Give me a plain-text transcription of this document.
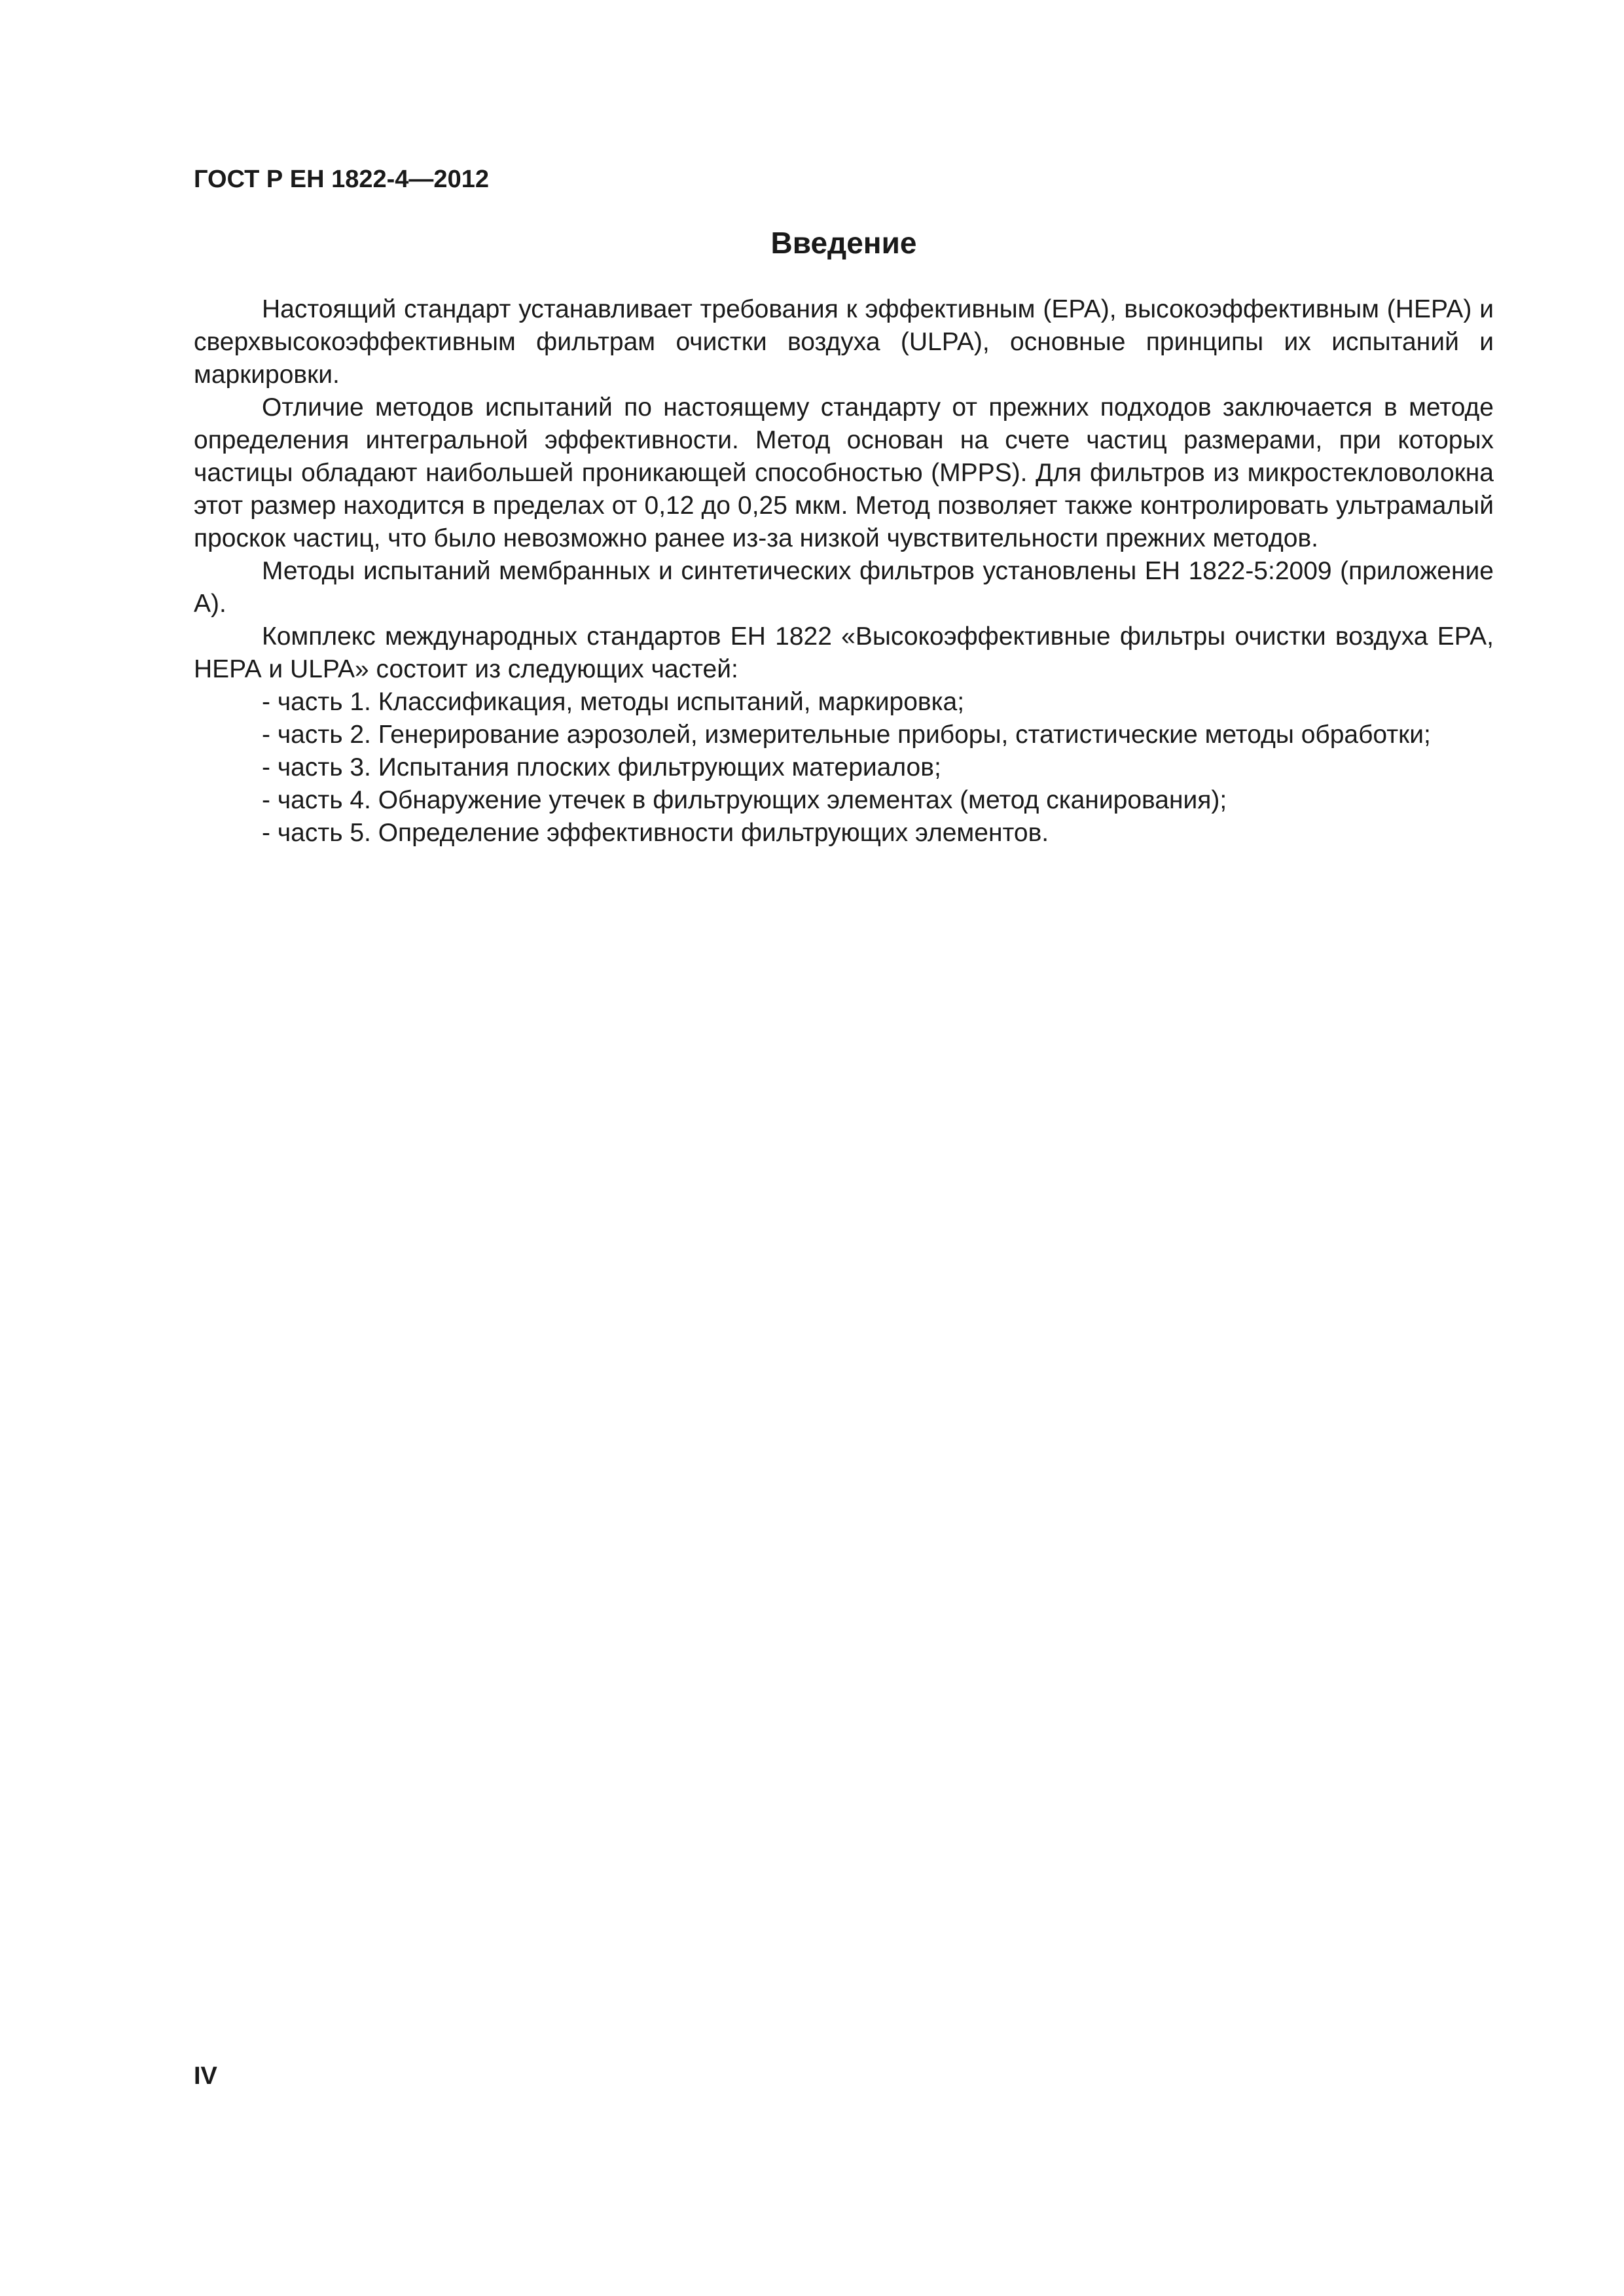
ГОСТ Р ЕН 1822-4—2012
Введение

Настоящий стандарт устанавливает требования к эффективным (ЕРА), высокоэффективным (НЕРА) и сверхвысокоэффективным фильтрам очистки воздуха (ULPA), основные принципы их испытаний и маркировки.

Отличие методов испытаний по настоящему стандарту от прежних подходов заключается в методе определения интегральной эффективности. Метод основан на счете частиц размерами, при которых частицы обладают наибольшей проникающей способностью (MPPS). Для фильтров из микростекловолокна этот размер находится в пределах от 0,12 до 0,25 мкм. Метод позволяет также контролировать ультрамалый проскок частиц, что было невозможно ранее из-за низкой чувствительности прежних методов.

Методы испытаний мембранных и синтетических фильтров установлены ЕН 1822-5:2009 (приложение А).

Комплекс международных стандартов ЕН 1822 «Высокоэффективные фильтры очистки воздуха ЕРА, НЕРА и ULPA» состоит из следующих частей:

- часть 1. Классификация, методы испытаний, маркировка;
- часть 2. Генерирование аэрозолей, измерительные приборы, статистические методы обработки;
- часть 3. Испытания плоских фильтрующих материалов;
- часть 4. Обнаружение утечек в фильтрующих элементах (метод сканирования);
- часть 5. Определение эффективности фильтрующих элементов.
IV
